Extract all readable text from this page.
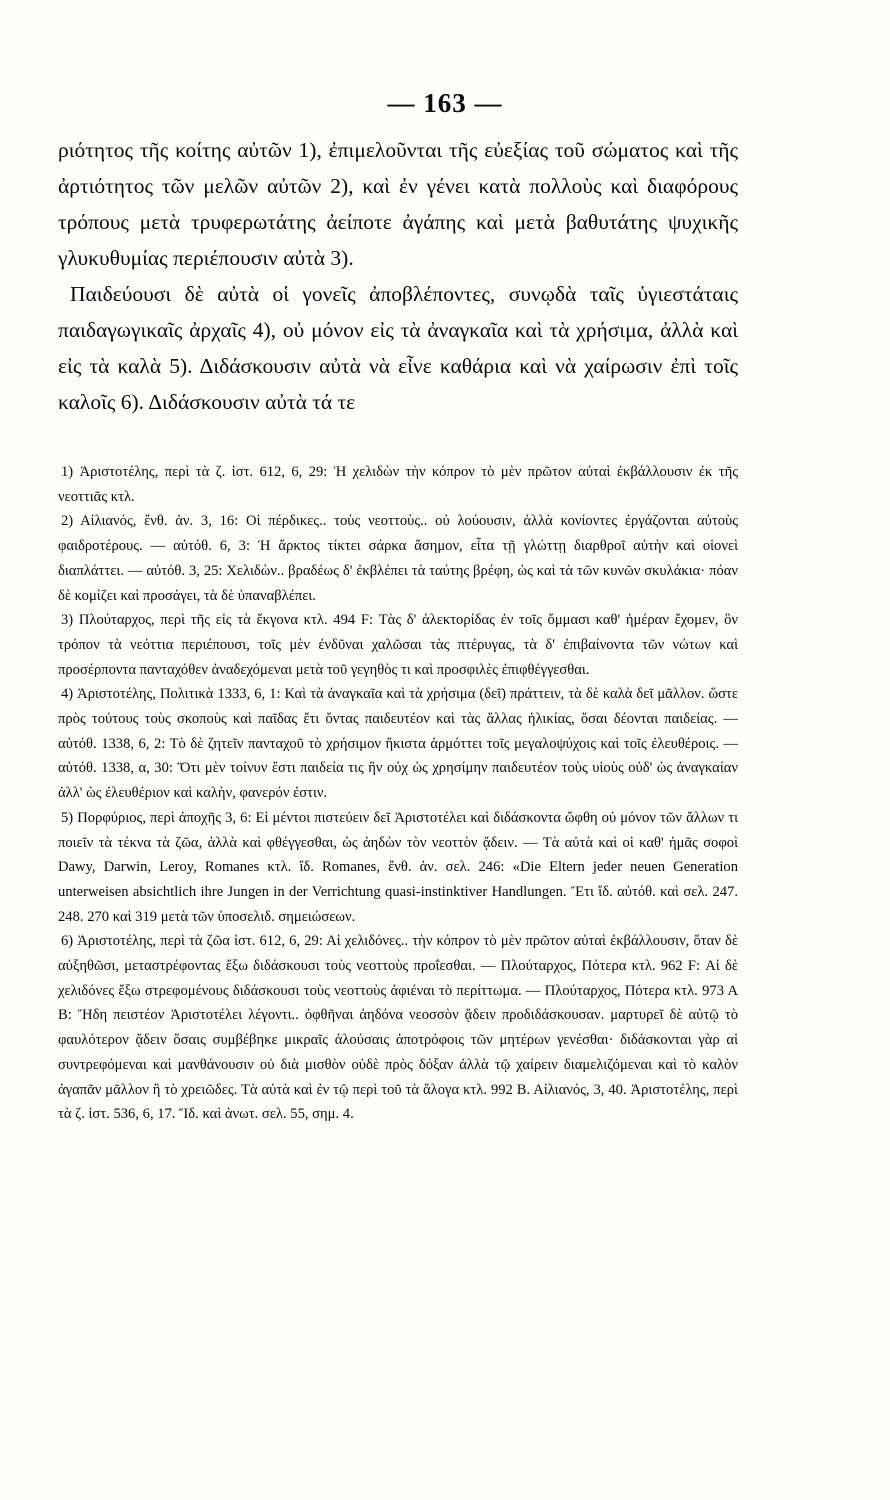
— 163 —

ριότητος τῆς κοίτης αὐτῶν 1), ἐπιμελοῦνται τῆς εὐεξίας τοῦ σώματος καὶ τῆς ἀρτιότητος τῶν μελῶν αὐτῶν 2), καὶ ἐν γένει κατὰ πολλοὺς καὶ διαφόρους τρόπους μετὰ τρυφερωτάτης ἀείποτε ἀγάπης καὶ μετὰ βαθυτάτης ψυχικῆς γλυκυθυμίας περιέπουσιν αὐτὰ 3).

Παιδεύουσι δὲ αὐτὰ οἱ γονεῖς ἀποβλέποντες, συνῳδὰ ταῖς ὑγιεστάταις παιδαγωγικαῖς ἀρχαῖς 4), οὐ μόνον εἰς τὰ ἀναγκαῖα καὶ τὰ χρήσιμα, ἀλλὰ καὶ εἰς τὰ καλὰ 5). Διδάσκουσιν αὐτὰ νὰ εἶνε καθάρια καὶ νὰ χαίρωσιν ἐπὶ τοῖς καλοῖς 6). Διδάσκουσιν αὐτὰ τά τε

1) Ἀριστοτέλης, περὶ τὰ ζ. ἱστ. 612, 6, 29: Ἡ χελιδὼν τὴν κόπρον τὸ μὲν πρῶτον αὐταὶ ἐκβάλλουσιν ἐκ τῆς νεοττιᾶς κτλ.

2) Αἰλιανός, ἔνθ. ἀν. 3, 16: Οἱ πέρδικες.. τοὺς νεοττοὺς.. οὐ λούουσιν, ἀλλὰ κονίοντες ἐργάζονται αὐτοὺς φαιδροτέρους. — αὐτόθ. 6, 3: Ἡ ἄρκτος τίκτει σάρκα ἄσημον, εἶτα τῇ γλώττῃ διαρθροῖ αὐτὴν καὶ οἱονεὶ διαπλάττει. — αὐτόθ. 3, 25: Χελιδὼν.. βραδέως δ' ἐκβλέπει τὰ ταύτης βρέφη, ὡς καὶ τὰ τῶν κυνῶν σκυλάκια· πόαν δὲ κομίζει καὶ προσάγει, τὰ δὲ ὑπαναβλέπει.

3) Πλούταρχος, περὶ τῆς εἰς τὰ ἔκγονα κτλ. 494 F: Τὰς δ' ἀλεκτορίδας ἐν τοῖς ὄμμασι καθ' ἡμέραν ἔχομεν, ὃν τρόπον τὰ νεόττια περιέπουσι, τοῖς μὲν ἐνδῦναι χαλῶσαι τὰς πτέρυγας, τὰ δ' ἐπιβαίνοντα τῶν νώτων καὶ προσέρποντα πανταχόθεν ἀναδεχόμεναι μετὰ τοῦ γεγηθὸς τι καὶ προσφιλὲς ἐπιφθέγγεσθαι.

4) Ἀριστοτέλης, Πολιτικὰ 1333, 6, 1: Καὶ τὰ ἀναγκαῖα καὶ τὰ χρήσιμα (δεῖ) πράττειν, τὰ δὲ καλὰ δεῖ μᾶλλον. ὥστε πρὸς τούτους τοὺς σκοποὺς καὶ παῖδας ἔτι ὄντας παιδευτέον καὶ τὰς ἄλλας ἡλικίας, ὅσαι δέονται παιδείας. — αὐτόθ. 1338, 6, 2: Τὸ δὲ ζητεῖν πανταχοῦ τὸ χρήσιμον ἥκιστα ἁρμόττει τοῖς μεγαλοψύχοις καὶ τοῖς ἐλευθέροις. — αὐτόθ. 1338, α, 30: Ὅτι μὲν τοίνυν ἔστι παιδεία τις ἣν οὐχ ὡς χρησίμην παιδευτέον τοὺς υἱοὺς οὐδ' ὡς ἀναγκαίαν ἀλλ' ὡς ἐλευθέριον καὶ καλὴν, φανερόν ἐστιν.

5) Πορφύριος, περὶ ἀποχῆς 3, 6: Εἰ μέντοι πιστεύειν δεῖ Ἀριστοτέλει καὶ διδάσκοντα ὤφθη οὐ μόνον τῶν ἄλλων τι ποιεῖν τὰ τέκνα τὰ ζῶα, ἀλλὰ καὶ φθέγγεσθαι, ὡς ἀηδὼν τὸν νεοττὸν ᾄδειν. — Τὰ αὐτὰ καὶ οἱ καθ' ἡμᾶς σοφοὶ Dawy, Darwin, Leroy, Romanes κτλ. ἴδ. Romanes, ἔνθ. ἀν. σελ. 246: «Die Eltern jeder neuen Generation unterweisen absichtlich ihre Jungen in der Verrichtung quasi-instinktiver Handlungen. Ἔτι ἴδ. αὐτόθ. καὶ σελ. 247. 248. 270 καὶ 319 μετὰ τῶν ὑποσελιδ. σημειώσεων.

6) Ἀριστοτέλης, περὶ τὰ ζῶα ἱστ. 612, 6, 29: Αἱ χελιδόνες.. τὴν κόπρον τὸ μὲν πρῶτον αὐταὶ ἐκβάλλουσιν, ὅταν δὲ αὐξηθῶσι, μεταστρέφοντας ἔξω διδάσκουσι τοὺς νεοττοὺς προΐεσθαι. — Πλούταρχος, Πότερα κτλ. 962 F: Αἱ δὲ χελιδόνες ἔξω στρεφομένους διδάσκουσι τοὺς νεοττοὺς ἀφιέναι τὸ περίττωμα. — Πλούταρχος, Πότερα κτλ. 973 Α Β: Ἤδη πειστέον Ἀριστοτέλει λέγοντι.. ὀφθῆναι ἀηδόνα νεοσσὸν ᾄδειν προδιδάσκουσαν. μαρτυρεῖ δὲ αὐτῷ τὸ φαυλότερον ᾄδειν ὅσαις συμβέβηκε μικραῖς ἁλούσαις ἀποτρόφοις τῶν μητέρων γενέσθαι· διδάσκονται γὰρ αἱ συντρεφόμεναι καὶ μανθάνουσιν οὐ διὰ μισθὸν οὐδὲ πρὸς δόξαν ἀλλὰ τῷ χαίρειν διαμελιζόμεναι καὶ τὸ καλὸν ἀγαπᾶν μᾶλλον ἢ τὸ χρειῶδες. Τὰ αὐτὰ καὶ ἐν τῷ περὶ τοῦ τὰ ἄλογα κτλ. 992 Β. Αἰλιανός, 3, 40. Ἀριστοτέλης, περὶ τὰ ζ. ἱστ. 536, 6, 17. Ἴδ. καὶ ἀνωτ. σελ. 55, σημ. 4.
